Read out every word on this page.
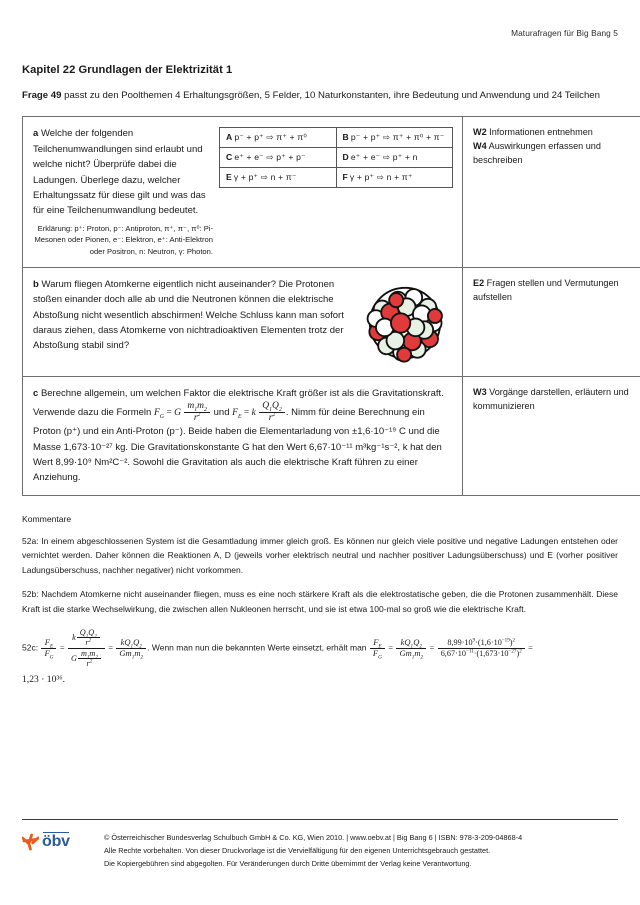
Maturafragen für Big Bang 5
Kapitel 22 Grundlagen der Elektrizität 1
Frage 49 passt zu den Poolthemen 4 Erhaltungsgrößen, 5 Felder, 10 Naturkonstanten, ihre Bedeutung und Anwendung und 24 Teilchen
A p⁻ + p⁺ ⇨ π⁺ + π⁰	B p⁻ + p⁺ ⇨ π⁺ + π⁰ + π⁻
C e⁺ + e⁻ ⇨ p⁺ + p⁻	D e⁺ + e⁻ ⇨ p⁺ + n
E γ + p⁺ ⇨ n + π⁻	F γ + p⁺ ⇨ n + π⁺
a Welche der folgenden Teilchenumwandlungen sind erlaubt und welche nicht? Überprüfe dabei die Ladungen. Überlege dazu, welcher Erhaltungssatz für diese gilt und was das für eine Teilchenumwandlung bedeutet.
Erklärung: p⁺: Proton, p⁻: Antiproton, π⁺, π⁻, π⁰: Pi-Mesonen oder Pionen, e⁻: Elektron, e⁺: Anti-Elektron oder Positron, n: Neutron, γ: Photon.

W2 Informationen entnehmen
W4 Auswirkungen erfassen und beschreiben

b Warum fliegen Atomkerne eigentlich nicht auseinander? Die Protonen stoßen einander doch alle ab und die Neutronen können die elektrische Abstoßung nicht wesentlich abschirmen! Welche Schluss kann man sofort daraus ziehen, dass Atomkerne von nichtradioaktiven Elementen trotz der Abstoßung stabil sind?

E2 Fragen stellen und Vermutungen aufstellen

c Berechne allgemein, um welchen Faktor die elektrische Kraft größer ist als die Gravitationskraft. Verwende dazu die Formeln $F_G = G \frac{m_1m_2}{r^2}$ und $F_E = k \frac{Q_1Q_2}{r^2}$ . Nimm für deine Berechnung ein Proton (p⁺) und ein Anti-Proton (p⁻). Beide haben die Elementarladung von ±1,6·10⁻¹⁹ C und die Masse 1,673·10⁻²⁷ kg. Die Gravitationskonstante G hat den Wert 6,67·10⁻¹¹ m³kg⁻¹s⁻², k hat den Wert 8,99·10⁹ Nm²C⁻². Sowohl die Gravitation als auch die elektrische Kraft führen zu einer Anziehung.

W3 Vorgänge darstellen, erläutern und kommunizieren
Kommentare
52a: In einem abgeschlossenen System ist die Gesamtladung immer gleich groß. Es können nur gleich viele positive und negative Ladungen entstehen oder vernichtet werden. Daher können die Reaktionen A, D (jeweils vorher elektrisch neutral und nachher positiver Ladungsüberschuss) und E (vorher positiver Ladungsüberschuss, nachher negativer) nicht vorkommen.
52b: Nachdem Atomkerne nicht auseinander fliegen, muss es eine noch stärkere Kraft als die elektrostatische geben, die die Protonen zusammenhält. Diese Kraft ist die starke Wechselwirkung, die zwischen allen Nukleonen herrscht, und sie ist etwa 100-mal so groß wie die elektrische Kraft.
52c: $\frac{F_E}{F_G} = \frac{k \frac{Q_1Q_2}{r^2}}{G \frac{m_1m_2}{r^2}} = \frac{kQ_1Q_2}{Gm_1m_2}$ . Wenn man nun die bekannten Werte einsetzt, erhält man $\frac{F_E}{F_G} = \frac{kQ_1Q_2}{Gm_1m_2} = \frac{8,99\cdot 10^9\cdot(1,6\cdot 10^{-19})^2}{6,67\cdot 10^{-11}\cdot(1,673\cdot 10^{-27})^2}$ =
1,23 · 10³⁶.
öbv	© Österreichischer Bundesverlag Schulbuch GmbH & Co. KG, Wien 2010. | www.oebv.at | Big Bang 6 | ISBN: 978-3-209-04868-4
Alle Rechte vorbehalten. Von dieser Druckvorlage ist die Vervielfältigung für den eigenen Unterrichtsgebrauch gestattet.
Die Kopiergebühren sind abgegolten. Für Veränderungen durch Dritte übernimmt der Verlag keine Verantwortung.
